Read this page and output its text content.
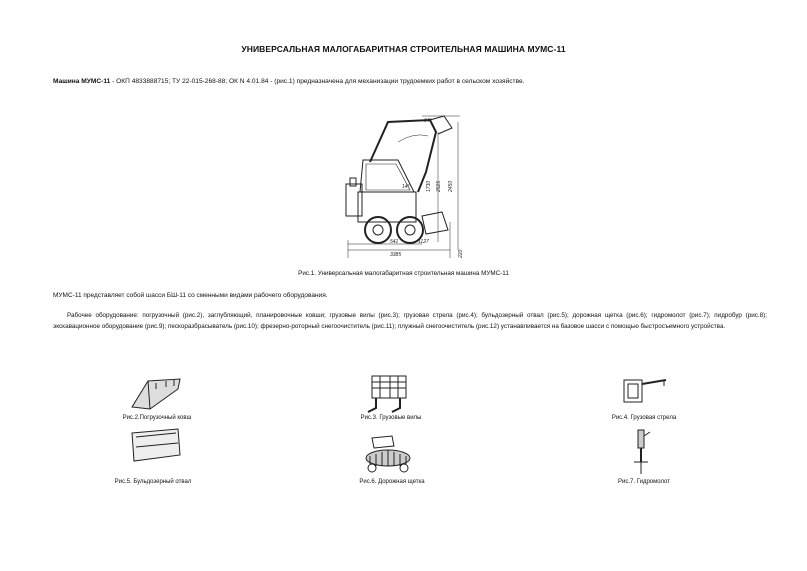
УНИВЕРСАЛЬНАЯ МАЛОГАБАРИТНАЯ СТРОИТЕЛЬНАЯ МАШИНА МУМС-11
Машина МУМС-11 - ОКП 4833888715; ТУ 22-015-268-88; ОК N 4.01.84 - (рис.1) предназначена для механизации трудоемких работ в сельском хозяйстве.
2525
1730
3385
2450
1127
541
220
64°
14°
Рис.1. Универсальная малогабаритная строительная машина МУМС-11
МУМС-11 представляет собой шасси БШ-11 со сменными видами рабочего оборудования.
Рабочее оборудование: погрузочный (рис.2), заглубляющий, планировочные ковши; грузовые вилы (рис.3); грузовая стрела (рис.4); бульдозерный отвал (рис.5); дорожная щетка (рис.6); гидромолот (рис.7); пидробур (рис.8); экскавационное оборудование (рис.9); пескоразбрасыватель (рис.10); фрезерно-роторный снегоочиститель (рис.11); плужный снегоочиститель (рис.12) устанавливается на базовое шасси с помощью быстросъемного устройства.
Рис.2.Погрузочный ковш	Рис.3. Грузовые вилы	Рис.4. Грузовая стрела
Рис.5. Бульдозерный отвал	Рис.6. Дорожная щетка	Рис.7. Гидромолот
